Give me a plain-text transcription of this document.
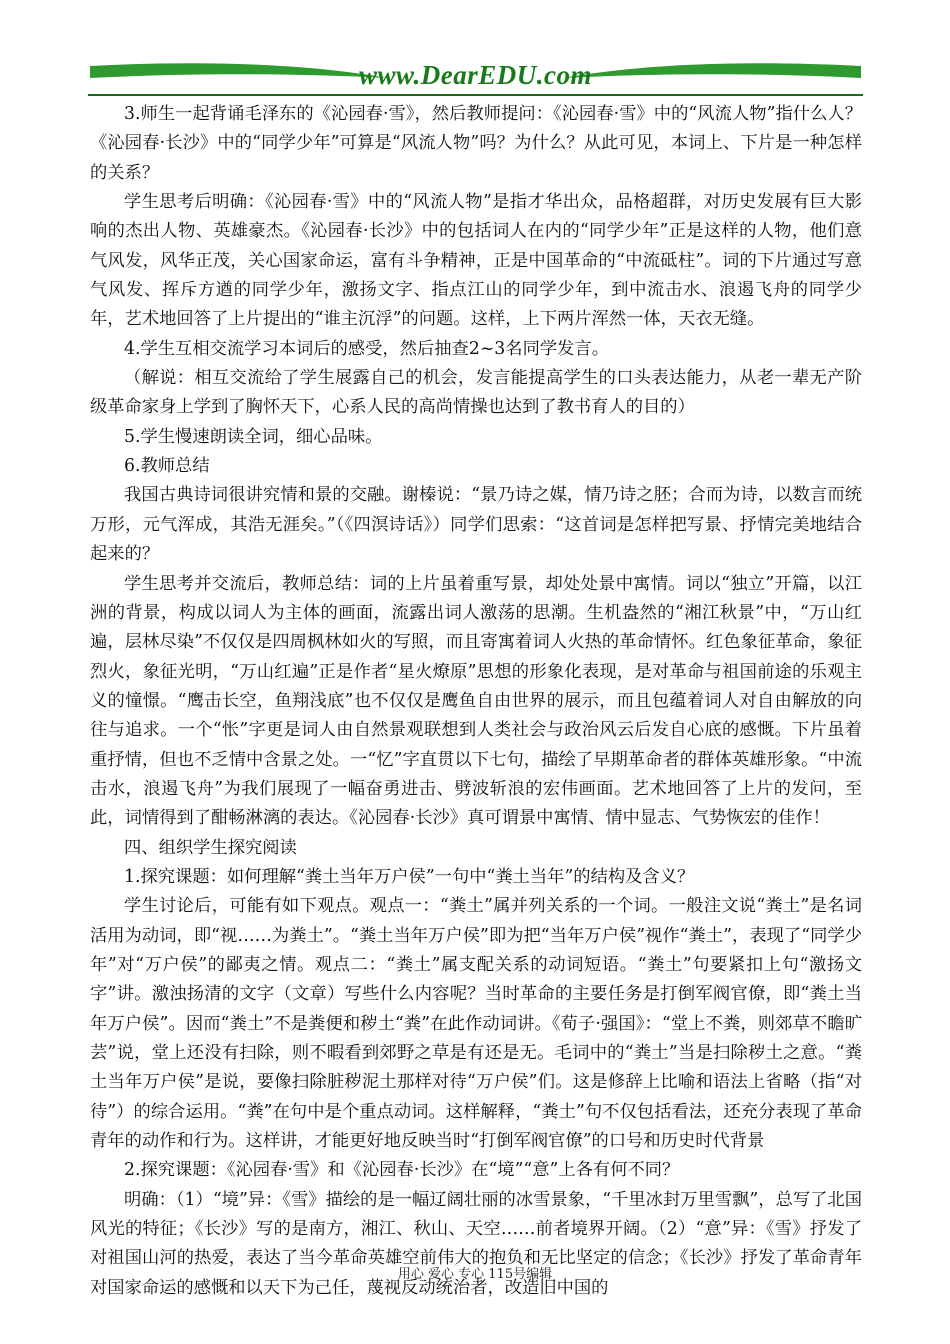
www.DearEDU.com

3.师生一起背诵毛泽东的《沁园春·雪》，然后教师提问：《沁园春·雪》中的“风流人物”指什么人？《沁园春·长沙》中的“同学少年”可算是“风流人物”吗？为什么？从此可见，本词上、下片是一种怎样的关系？

学生思考后明确：《沁园春·雪》中的“风流人物”是指才华出众，品格超群，对历史发展有巨大影响的杰出人物、英雄豪杰。《沁园春·长沙》中的包括词人在内的“同学少年”正是这样的人物，他们意气风发，风华正茂，关心国家命运，富有斗争精神，正是中国革命的“中流砥柱”。词的下片通过写意气风发、挥斥方遒的同学少年，激扬文字、指点江山的同学少年，到中流击水、浪遏飞舟的同学少年，艺术地回答了上片提出的“谁主沉浮”的问题。这样，上下两片浑然一体，天衣无缝。

4.学生互相交流学习本词后的感受，然后抽查2~3名同学发言。

（解说：相互交流给了学生展露自己的机会，发言能提高学生的口头表达能力，从老一辈无产阶级革命家身上学到了胸怀天下，心系人民的高尚情操也达到了教书育人的目的）

5.学生慢速朗读全词，细心品味。

6.教师总结

我国古典诗词很讲究情和景的交融。谢榛说：“景乃诗之媒，情乃诗之胚；合而为诗，以数言而统万形，元气浑成，其浩无涯矣。”（《四溟诗话》）同学们思索：“这首词是怎样把写景、抒情完美地结合起来的？

学生思考并交流后，教师总结：词的上片虽着重写景，却处处景中寓情。词以“独立”开篇，以江洲的背景，构成以词人为主体的画面，流露出词人激荡的思潮。生机盎然的“湘江秋景”中，“万山红遍，层林尽染”不仅仅是四周枫林如火的写照，而且寄寓着词人火热的革命情怀。红色象征革命，象征烈火，象征光明，“万山红遍”正是作者“星火燎原”思想的形象化表现，是对革命与祖国前途的乐观主义的憧憬。“鹰击长空，鱼翔浅底”也不仅仅是鹰鱼自由世界的展示，而且包蕴着词人对自由解放的向往与追求。一个“怅”字更是词人由自然景观联想到人类社会与政治风云后发自心底的感慨。下片虽着重抒情，但也不乏情中含景之处。一“忆”字直贯以下七句，描绘了早期革命者的群体英雄形象。“中流击水，浪遏飞舟”为我们展现了一幅奋勇进击、劈波斩浪的宏伟画面。艺术地回答了上片的发问，至此，词情得到了酣畅淋漓的表达。《沁园春·长沙》真可谓景中寓情、情中显志、气势恢宏的佳作！

四、组织学生探究阅读

1.探究课题：如何理解“粪土当年万户侯”一句中“粪土当年”的结构及含义？

学生讨论后，可能有如下观点。观点一：“粪土”属并列关系的一个词。一般注文说“粪土”是名词活用为动词，即“视……为粪土”。“粪土当年万户侯”即为把“当年万户侯”视作“粪土”，表现了“同学少年”对“万户侯”的鄙夷之情。观点二：“粪土”属支配关系的动词短语。“粪土”句要紧扣上句“激扬文字”讲。激浊扬清的文字（文章）写些什么内容呢？当时革命的主要任务是打倒军阀官僚，即“粪土当年万户侯”。因而“粪土”不是粪便和秽土“粪”在此作动词讲。《荀子·强国》：“堂上不粪，则郊草不瞻旷芸”说，堂上还没有扫除，则不暇看到郊野之草是有还是无。毛词中的“粪土”当是扫除秽土之意。“粪土当年万户侯”是说，要像扫除脏秽泥土那样对待“万户侯”们。这是修辞上比喻和语法上省略（指“对待”）的综合运用。“粪”在句中是个重点动词。这样解释，“粪土”句不仅包括看法，还充分表现了革命青年的动作和行为。这样讲，才能更好地反映当时“打倒军阀官僚”的口号和历史时代背景

2.探究课题：《沁园春·雪》和《沁园春·长沙》在“境”“意”上各有何不同？

明确：（1）“境”异：《雪》描绘的是一幅辽阔壮丽的冰雪景象，“千里冰封万里雪飘”，总写了北国风光的特征；《长沙》写的是南方，湘江、秋山、天空……前者境界开阔。（2）“意”异：《雪》抒发了对祖国山河的热爱，表达了当今革命英雄空前伟大的抱负和无比坚定的信念；《长沙》抒发了革命青年对国家命运的感慨和以天下为己任，蔑视反动统治者，改造旧中国的

用心 爱心 专心 115号编辑
